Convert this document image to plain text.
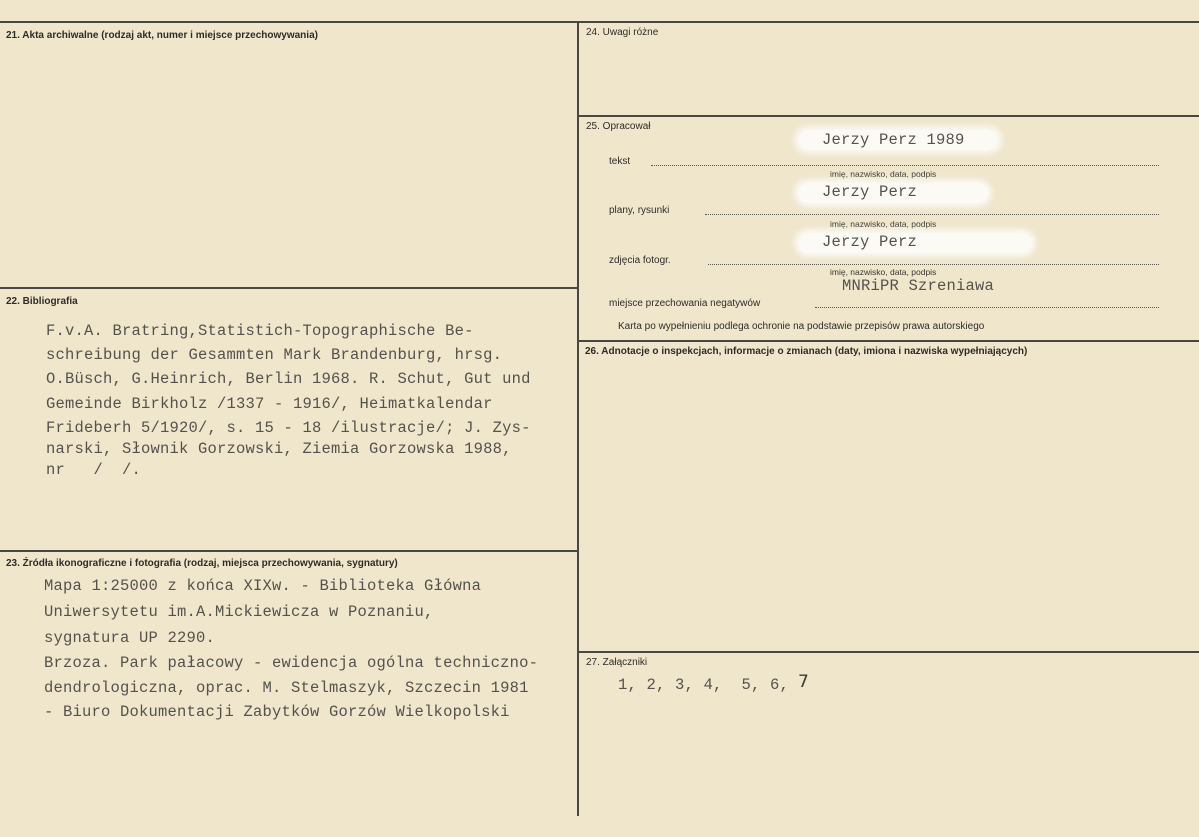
21. Akta archiwalne (rodzaj akt, numer i miejsce przechowywania)
22. Bibliografia
F.v.A. Bratring,Statistich-Topographische Be-
schreibung der Gesammten Mark Brandenburg, hrsg.
O.Büsch, G.Heinrich, Berlin 1968. R. Schut, Gut und
Gemeinde Birkholz /1337 - 1916/, Heimatkalendar
Frideberh 5/1920/, s. 15 - 18 /ilustracje/; J. Zys-
narski, Słownik Gorzowski, Ziemia Gorzowska 1988,
nr   /  /.
23. Źródła ikonograficzne i fotografia (rodzaj, miejsca przechowywania, sygnatury)
Mapa 1:25000 z końca XIXw. - Biblioteka Główna
Uniwersytetu im.A.Mickiewicza w Poznaniu,
sygnatura UP 2290.
Brzoza. Park pałacowy - ewidencja ogólna techniczno-
dendrologiczna, oprac. M. Stelmaszyk, Szczecin 1981
- Biuro Dokumentacji Zabytków Gorzów Wielkopolski
24. Uwagi różne
25. Opracował
Jerzy Perz 1989
tekst
imię, nazwisko, data, podpis
Jerzy Perz
plany, rysunki
imię, nazwisko, data, podpis
Jerzy Perz
zdjęcia fotogr.
imię, nazwisko, data, podpis
MNRiPR Szreniawa
miejsce przechowania negatywów
Karta po wypełnieniu podlega ochronie na podstawie przepisów prawa autorskiego
26. Adnotacje o inspekcjach, informacje o zmianach (daty, imiona i nazwiska wypełniających)
27. Załączniki
1, 2, 3, 4,  5, 6, 7
